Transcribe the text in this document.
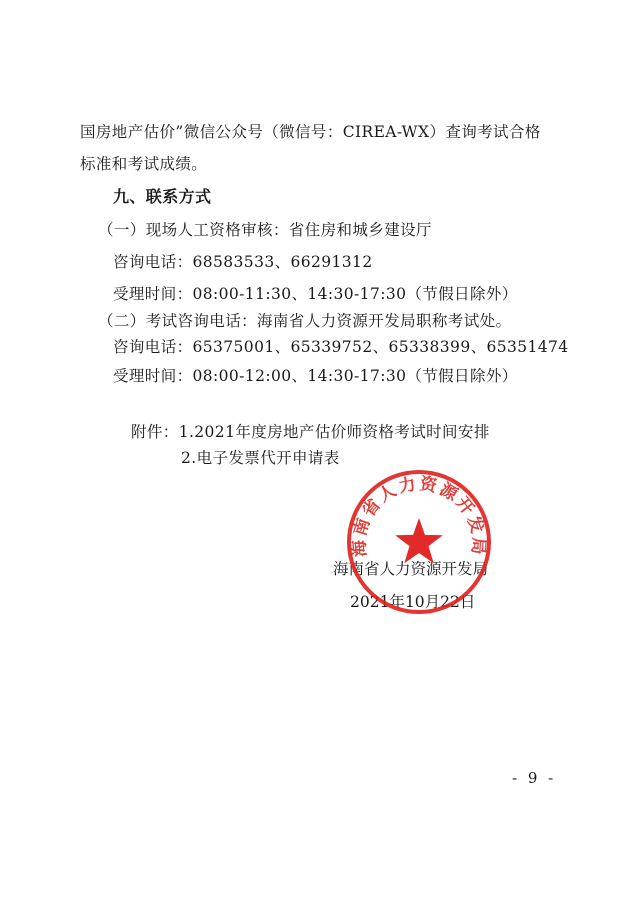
国房地产估价”微信公众号（微信号：CIREA-WX）查询考试合格
标准和考试成绩。
九、联系方式
（一）现场人工资格审核：省住房和城乡建设厅
咨询电话：68583533、66291312
受理时间：08:00-11:30、14:30-17:30（节假日除外）
（二）考试咨询电话：海南省人力资源开发局职称考试处。
咨询电话：65375001、65339752、65338399、65351474
受理时间：08:00-12:00、14:30-17:30（节假日除外）
附件：1.2021年度房地产估价师资格考试时间安排
2.电子发票代开申请表
海南省人力资源开发局
2021年10月22日
海南省人力资源开发局
- 9 -
